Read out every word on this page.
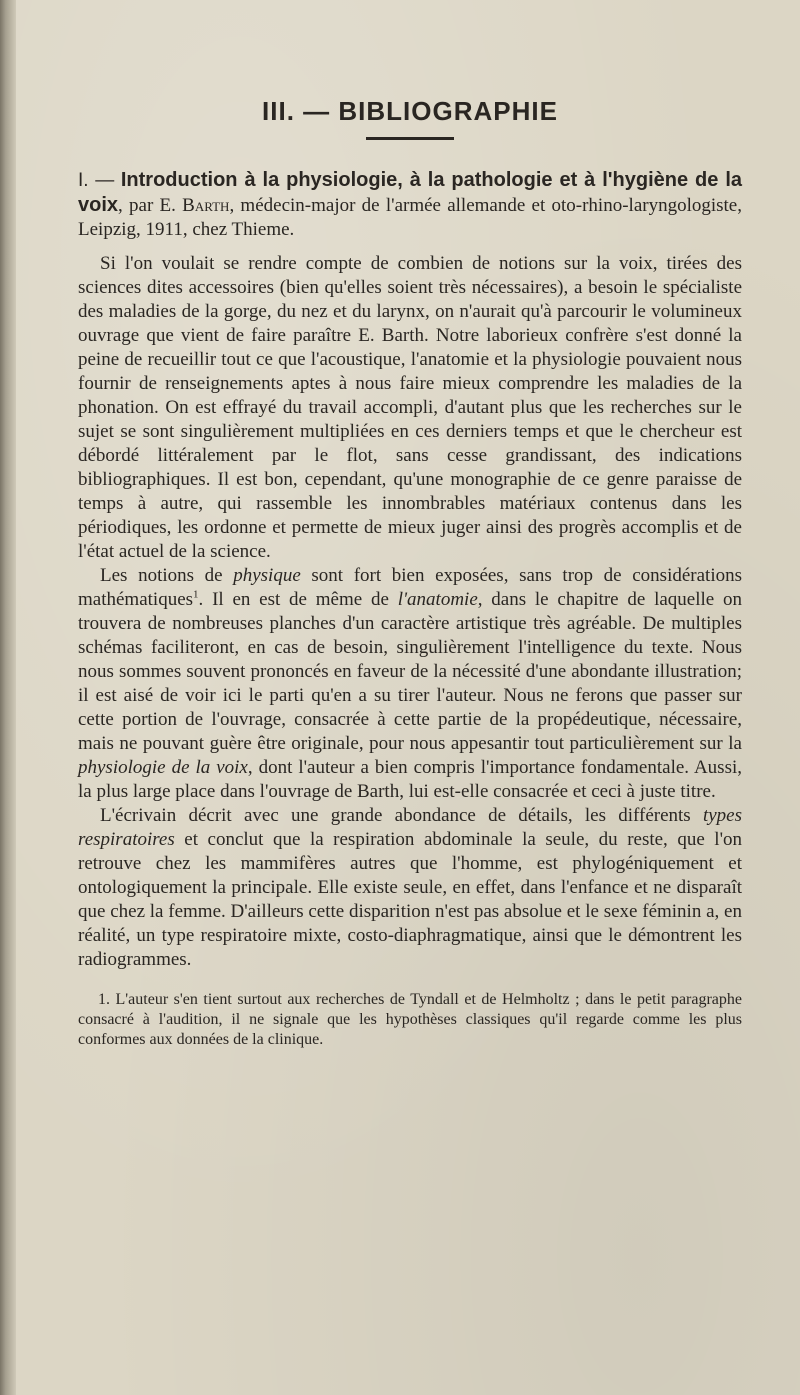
III. — BIBLIOGRAPHIE

I. — Introduction à la physiologie, à la pathologie et à l'hygiène de la voix, par E. Barth, médecin-major de l'armée allemande et oto-rhino-laryngologiste, Leipzig, 1911, chez Thieme.

Si l'on voulait se rendre compte de combien de notions sur la voix, tirées des sciences dites accessoires (bien qu'elles soient très nécessaires), a besoin le spécialiste des maladies de la gorge, du nez et du larynx, on n'aurait qu'à parcourir le volumineux ouvrage que vient de faire paraître E. Barth. Notre laborieux confrère s'est donné la peine de recueillir tout ce que l'acoustique, l'anatomie et la physiologie pouvaient nous fournir de renseignements aptes à nous faire mieux comprendre les maladies de la phonation. On est effrayé du travail accompli, d'autant plus que les recherches sur le sujet se sont singulièrement multipliées en ces derniers temps et que le chercheur est débordé littéralement par le flot, sans cesse grandissant, des indications bibliographiques. Il est bon, cependant, qu'une monographie de ce genre paraisse de temps à autre, qui rassemble les innombrables matériaux contenus dans les périodiques, les ordonne et permette de mieux juger ainsi des progrès accomplis et de l'état actuel de la science.

Les notions de physique sont fort bien exposées, sans trop de considérations mathématiques$^1$. Il en est de même de l'anatomie, dans le chapitre de laquelle on trouvera de nombreuses planches d'un caractère artistique très agréable. De multiples schémas faciliteront, en cas de besoin, singulièrement l'intelligence du texte. Nous nous sommes souvent prononcés en faveur de la nécessité d'une abondante illustration; il est aisé de voir ici le parti qu'en a su tirer l'auteur. Nous ne ferons que passer sur cette portion de l'ouvrage, consacrée à cette partie de la propédeutique, nécessaire, mais ne pouvant guère être originale, pour nous appesantir tout particulièrement sur la physiologie de la voix, dont l'auteur a bien compris l'importance fondamentale. Aussi, la plus large place dans l'ouvrage de Barth, lui est-elle consacrée et ceci à juste titre.

L'écrivain décrit avec une grande abondance de détails, les différents types respiratoires et conclut que la respiration abdominale la seule, du reste, que l'on retrouve chez les mammifères autres que l'homme, est phylogéniquement et ontologiquement la principale. Elle existe seule, en effet, dans l'enfance et ne disparaît que chez la femme. D'ailleurs cette disparition n'est pas absolue et le sexe féminin a, en réalité, un type respiratoire mixte, costo-diaphragmatique, ainsi que le démontrent les radiogrammes.

1. L'auteur s'en tient surtout aux recherches de Tyndall et de Helmholtz ; dans le petit paragraphe consacré à l'audition, il ne signale que les hypothèses classiques qu'il regarde comme les plus conformes aux données de la clinique.
